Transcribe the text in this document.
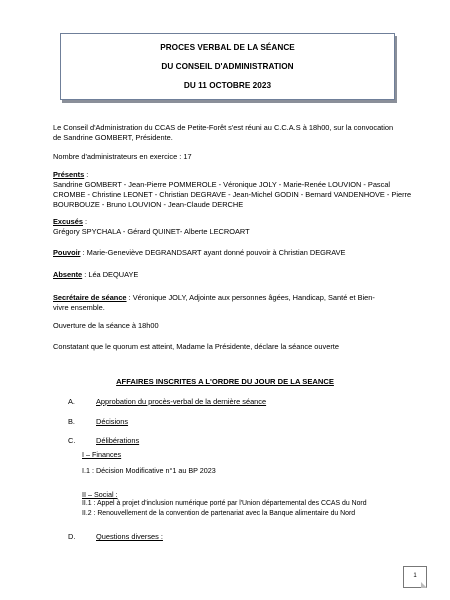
PROCES VERBAL DE LA SÉANCE
DU CONSEIL D'ADMINISTRATION
DU 11 OCTOBRE 2023
Le Conseil d'Administration du CCAS de Petite-Forêt s'est réuni au C.C.A.S à 18h00, sur la convocation
de Sandrine GOMBERT, Présidente.
Nombre d'administrateurs en exercice : 17
Présents :
Sandrine GOMBERT - Jean-Pierre POMMEROLE - Véronique JOLY - Marie-Renée LOUVION - Pascal
CROMBE - Christine LEONET - Christian DEGRAVE - Jean-Michel GODIN - Bernard VANDENHOVE - Pierre
BOURBOUZE - Bruno LOUVION - Jean-Claude DERCHE
Excusés :
Grégory SPYCHALA - Gérard QUINET- Alberte LECROART
Pouvoir : Marie-Geneviève DEGRANDSART ayant donné pouvoir à Christian DEGRAVE
Absente : Léa DEQUAYE
Secrétaire de séance : Véronique JOLY, Adjointe aux personnes âgées, Handicap, Santé et Bien-
vivre ensemble.
Ouverture de la séance à 18h00
Constatant que le quorum est atteint, Madame la Présidente, déclare la séance ouverte
AFFAIRES INSCRITES A L'ORDRE DU JOUR DE LA SEANCE
A.	Approbation du procès-verbal de la dernière séance
B.	Décisions
C.	Délibérations
I – Finances
I.1 : Décision Modificative n°1 au BP 2023
II – Social :
II.1 : Appel à projet d'inclusion numérique porté par l'Union départemental des CCAS du Nord
II.2 : Renouvellement de la convention de partenariat avec la Banque alimentaire du Nord
D.	Questions diverses :
1
